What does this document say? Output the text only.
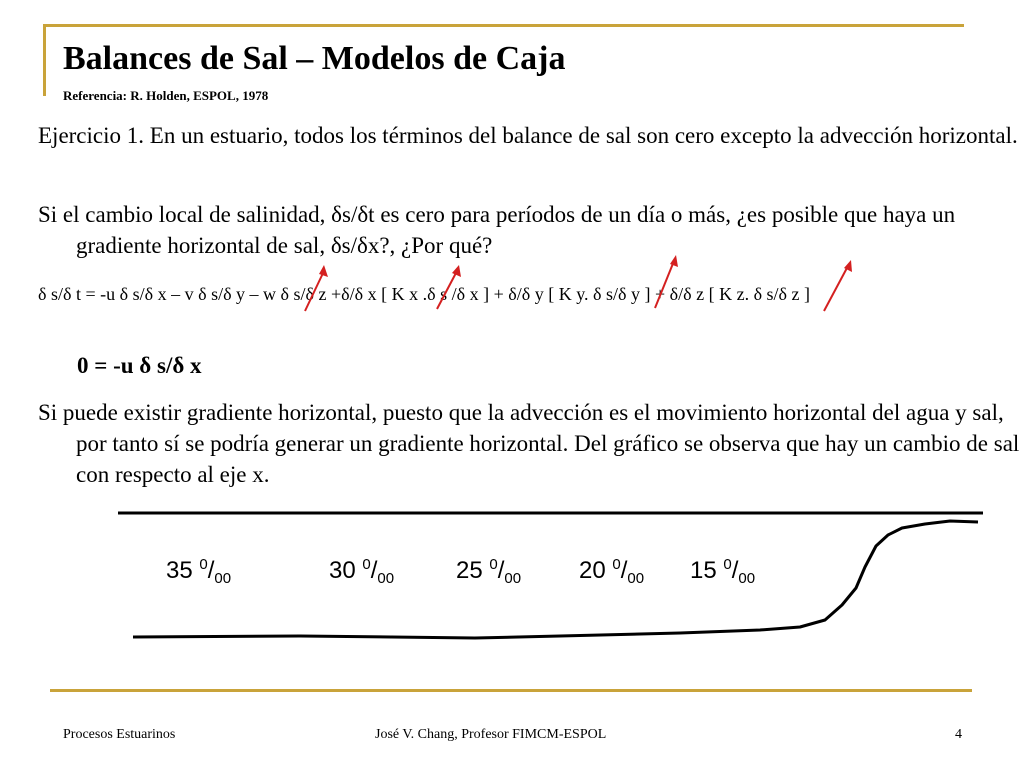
Balances de Sal – Modelos de Caja
Referencia: R. Holden, ESPOL, 1978
Ejercicio 1. En un estuario, todos los términos del balance de sal son cero excepto la advección horizontal.
Si el cambio local de salinidad, δs/δt es cero para períodos de un día o más, ¿es posible que haya un gradiente horizontal de sal, δs/δx?, ¿Por qué?
δ s/δ t = -u δ s/δ x – v δ s/δ y – w δ s/δ z +δ/δ x [ K x .δ s /δ x ] + δ/δ y [ K y. δ s/δ y ] + δ/δ z [ K z. δ s/δ z ]
0 = -u δ s/δ x
Si puede existir gradiente horizontal, puesto que la advección es el movimiento horizontal del agua y sal, por tanto sí se podría generar un gradiente horizontal. Del gráfico se observa que hay un cambio de sal con respecto al eje x.
35 $^0/_{00}$	30 $^0/_{00}$	25 $^0/_{00}$ 20 $^0/_{00}$ 15 $^0/_{00}$
Procesos Estuarinos	José V. Chang, Profesor FIMCM-ESPOL	4
